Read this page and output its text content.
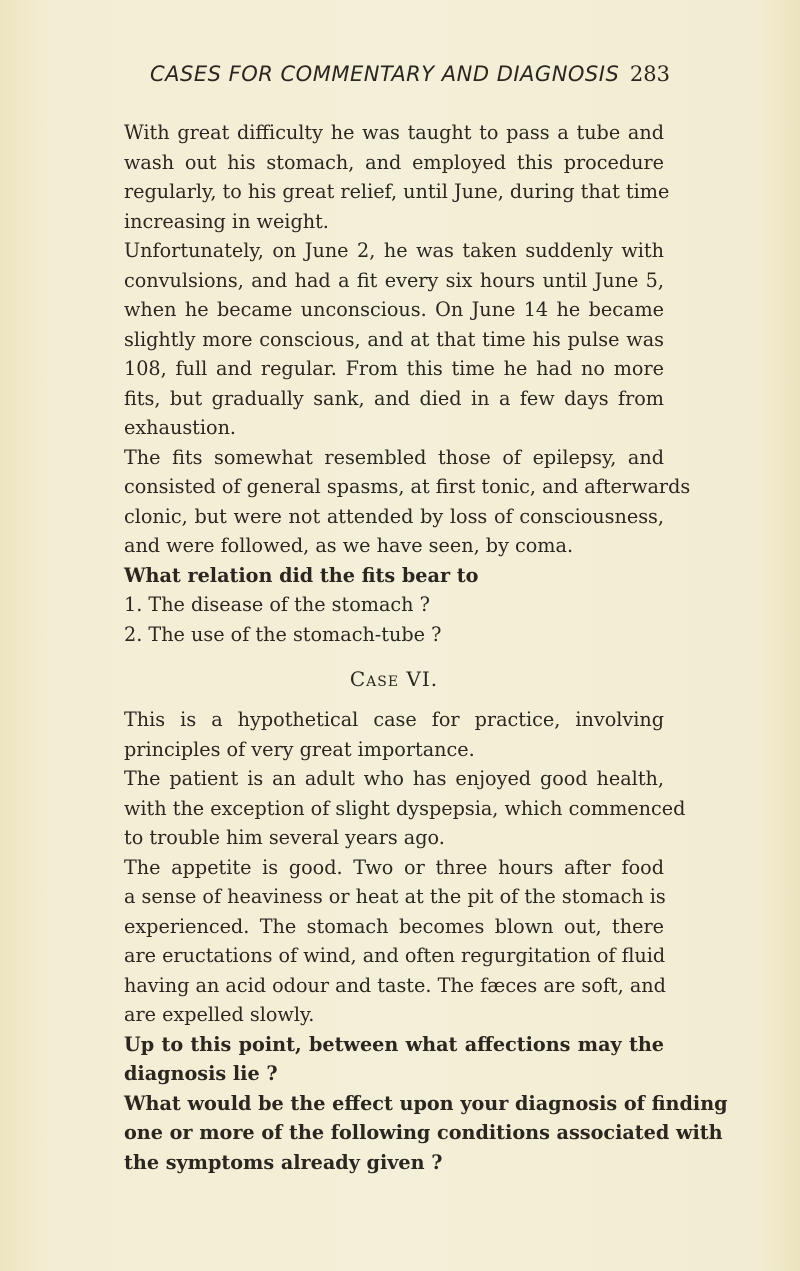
CASES FOR COMMENTARY AND DIAGNOSIS 283
With great difficulty he was taught to pass a tube and
wash out his stomach, and employed this procedure
regularly, to his great relief, until June, during that time
increasing in weight.
Unfortunately, on June 2, he was taken suddenly with
convulsions, and had a fit every six hours until June 5,
when he became unconscious. On June 14 he became
slightly more conscious, and at that time his pulse was
108, full and regular. From this time he had no more
fits, but gradually sank, and died in a few days from
exhaustion.
The fits somewhat resembled those of epilepsy, and
consisted of general spasms, at first tonic, and afterwards
clonic, but were not attended by loss of consciousness,
and were followed, as we have seen, by coma.
What relation did the fits bear to
1. The disease of the stomach ?
2. The use of the stomach-tube ?
Case VI.
This is a hypothetical case for practice, involving
principles of very great importance.
The patient is an adult who has enjoyed good health,
with the exception of slight dyspepsia, which commenced
to trouble him several years ago.
The appetite is good. Two or three hours after food
a sense of heaviness or heat at the pit of the stomach is
experienced. The stomach becomes blown out, there
are eructations of wind, and often regurgitation of fluid
having an acid odour and taste. The fæces are soft, and
are expelled slowly.
Up to this point, between what affections may the
diagnosis lie ?
What would be the effect upon your diagnosis of finding
one or more of the following conditions associated with
the symptoms already given ?
